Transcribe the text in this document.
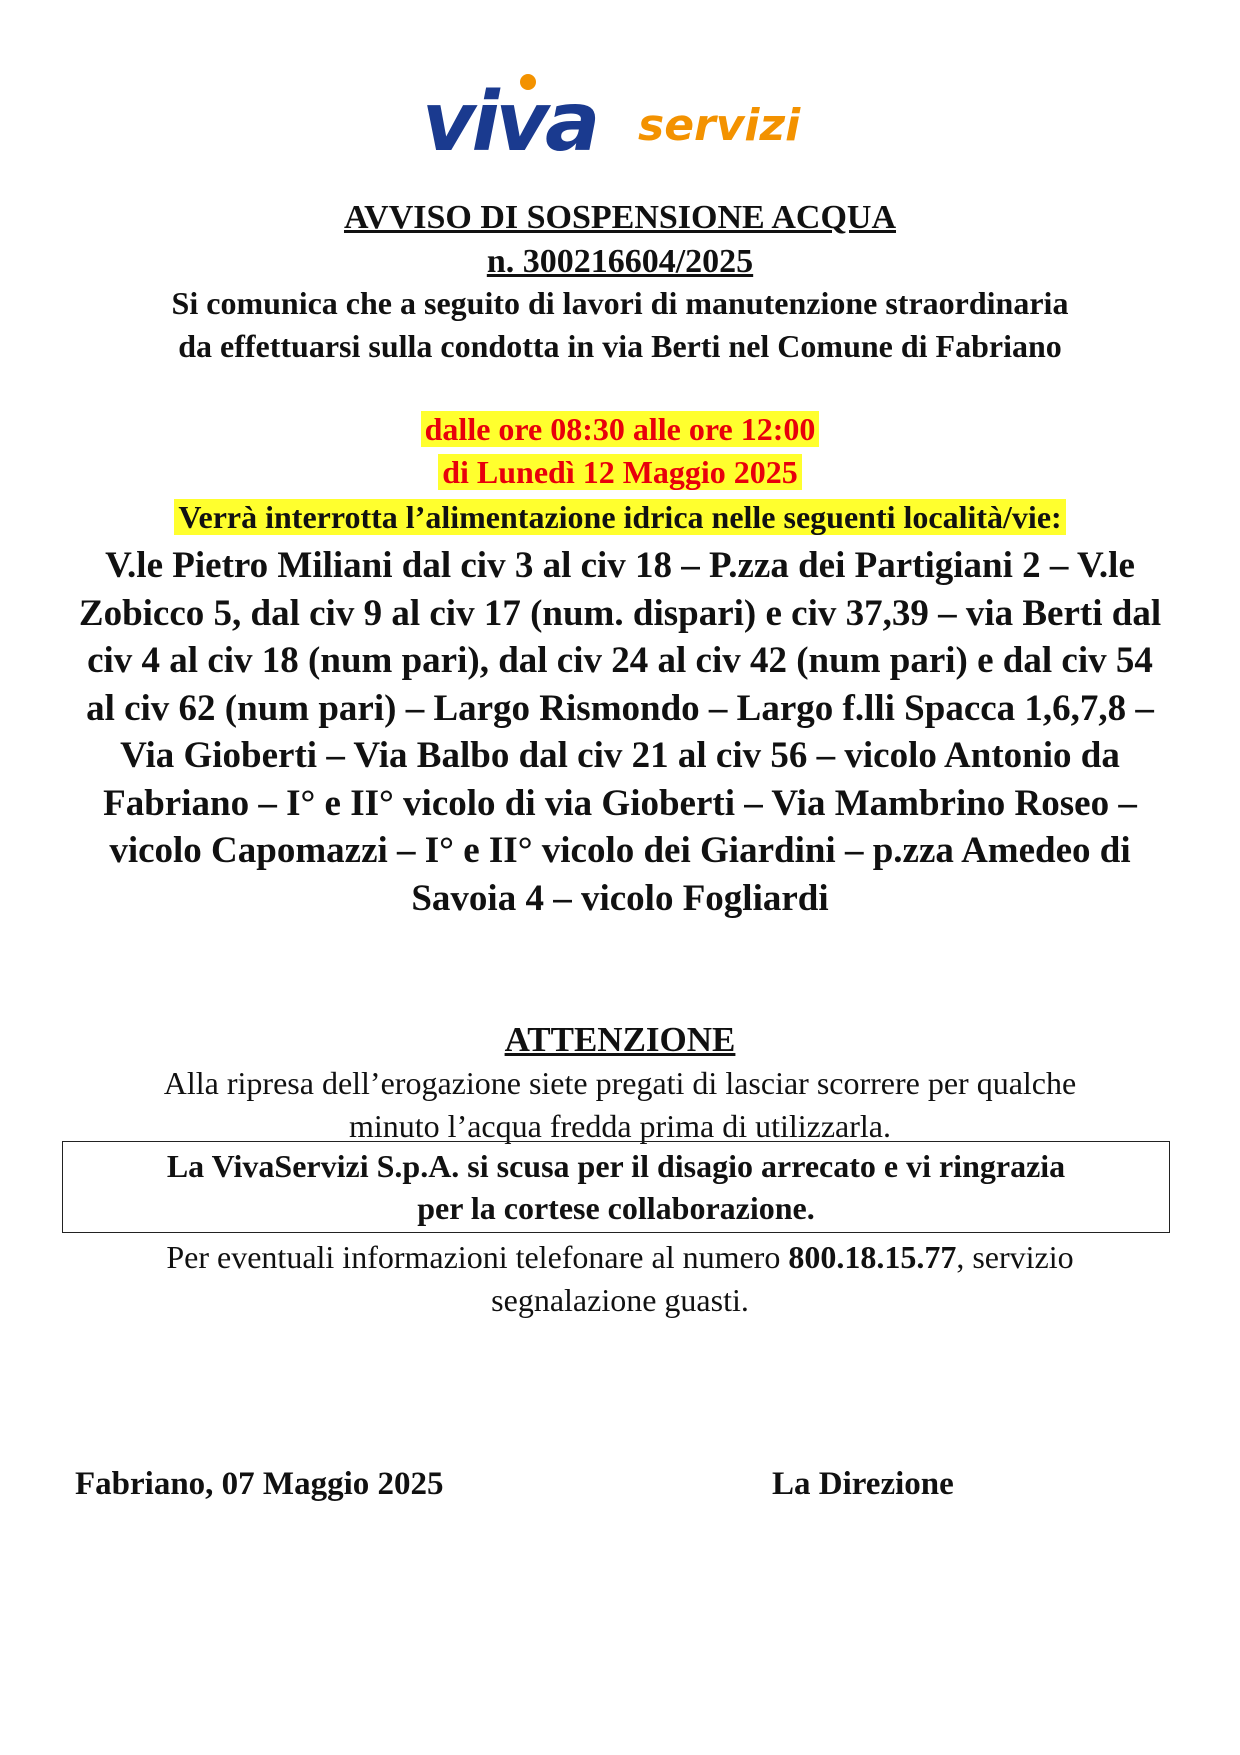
viva servizi
AVVISO DI SOSPENSIONE ACQUA
n. 300216604/2025
Si comunica che a seguito di lavori di manutenzione straordinaria
da effettuarsi sulla condotta in via Berti nel Comune di Fabriano
dalle ore 08:30 alle ore 12:00
di Lunedì 12 Maggio 2025
Verrà interrotta l’alimentazione idrica nelle seguenti località/vie:
V.le Pietro Miliani dal civ 3 al civ 18 – P.zza dei Partigiani 2 – V.le Zobicco 5, dal civ 9 al civ 17 (num. dispari) e civ 37,39 – via Berti dal civ 4 al civ 18 (num pari), dal civ 24 al civ 42 (num pari) e dal civ 54 al civ 62 (num pari) – Largo Rismondo – Largo f.lli Spacca 1,6,7,8 – Via Gioberti – Via Balbo dal civ 21 al civ 56 – vicolo Antonio da Fabriano – I° e II° vicolo di via Gioberti – Via Mambrino Roseo – vicolo Capomazzi – I° e II° vicolo dei Giardini – p.zza Amedeo di Savoia 4 – vicolo Fogliardi
ATTENZIONE
Alla ripresa dell’erogazione siete pregati di lasciar scorrere per qualche
minuto l’acqua fredda prima di utilizzarla.
La VivaServizi S.p.A. si scusa per il disagio arrecato e vi ringrazia
per la cortese collaborazione.
Per eventuali informazioni telefonare al numero 800.18.15.77, servizio
segnalazione guasti.
Fabriano, 07 Maggio 2025	La Direzione
